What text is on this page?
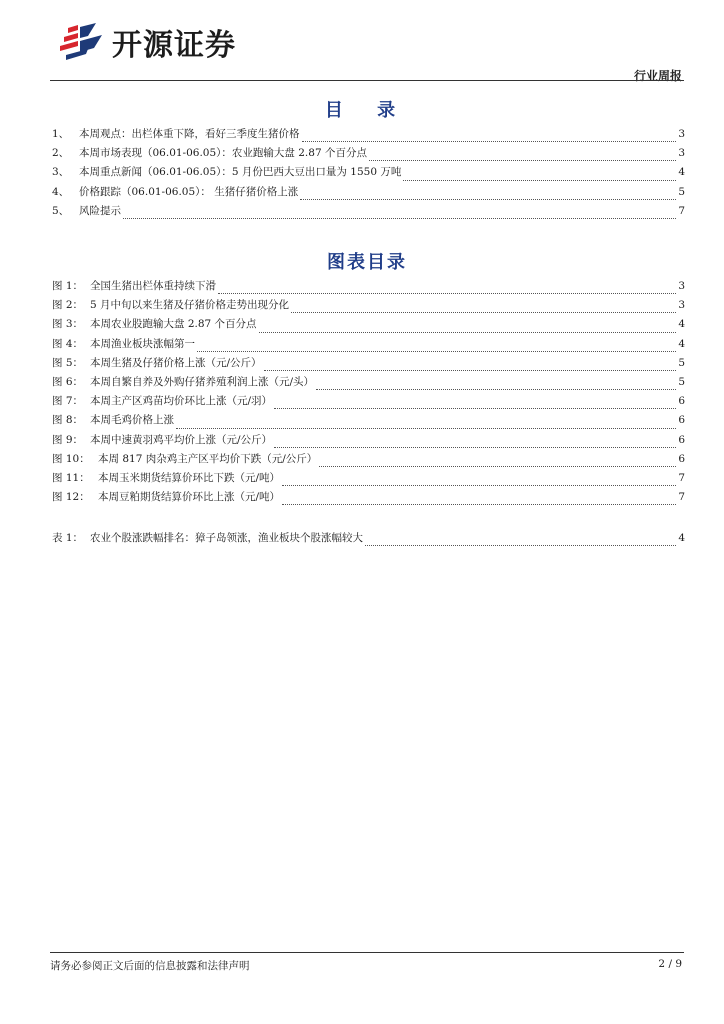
开源证券
行业周报
目 录
1、 本周观点：出栏体重下降，看好三季度生猪价格	3
2、 本周市场表现（06.01-06.05）：农业跑输大盘 2.87 个百分点	3
3、 本周重点新闻（06.01-06.05）：5 月份巴西大豆出口量为 1550 万吨	4
4、 价格跟踪（06.01-06.05）： 生猪仔猪价格上涨	5
5、 风险提示	7
图表目录
图 1： 全国生猪出栏体重持续下滑	3
图 2： 5 月中旬以来生猪及仔猪价格走势出现分化	3
图 3： 本周农业股跑输大盘 2.87 个百分点	4
图 4： 本周渔业板块涨幅第一	4
图 5： 本周生猪及仔猪价格上涨（元/公斤）	5
图 6： 本周自繁自养及外购仔猪养殖利润上涨（元/头）	5
图 7： 本周主产区鸡苗均价环比上涨（元/羽）	6
图 8： 本周毛鸡价格上涨	6
图 9： 本周中速黄羽鸡平均价上涨（元/公斤）	6
图 10： 本周 817 肉杂鸡主产区平均价下跌（元/公斤）	6
图 11： 本周玉米期货结算价环比下跌（元/吨）	7
图 12： 本周豆粕期货结算价环比上涨（元/吨）	7
表 1： 农业个股涨跌幅排名：獐子岛领涨，渔业板块个股涨幅较大	4
请务必参阅正文后面的信息披露和法律声明	2 / 9
